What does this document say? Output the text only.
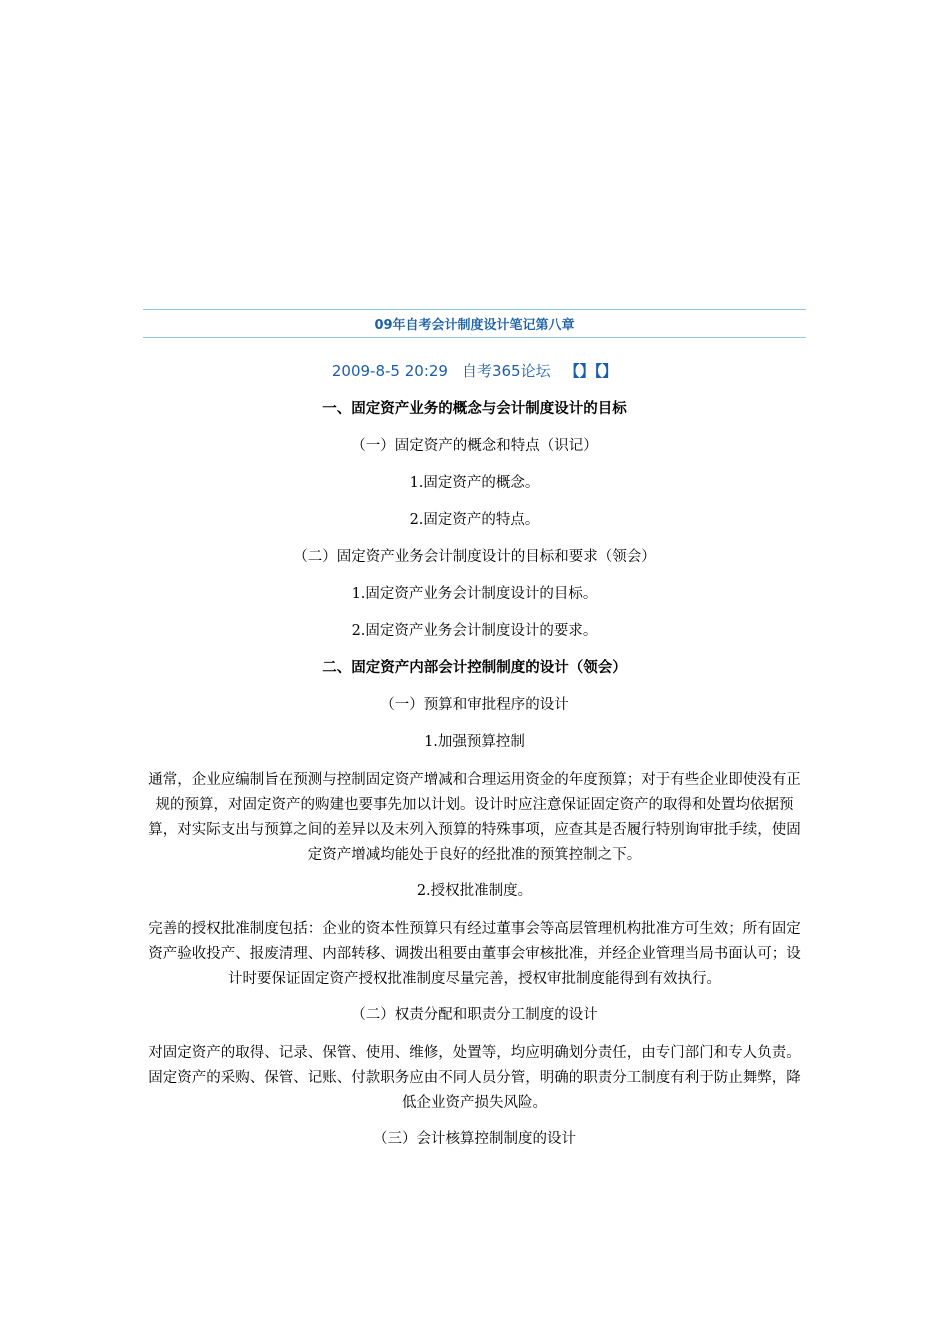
09年自考会计制度设计笔记第八章
2009-8-5 20:29 自考365论坛 【】【】
一、固定资产业务的概念与会计制度设计的目标
（一）固定资产的概念和特点（识记）
1.固定资产的概念。
2.固定资产的特点。
（二）固定资产业务会计制度设计的目标和要求（领会）
1.固定资产业务会计制度设计的目标。
2.固定资产业务会计制度设计的要求。
二、固定资产内部会计控制制度的设计（领会）
（一）预算和审批程序的设计
1.加强预算控制
通常，企业应编制旨在预测与控制固定资产增减和合理运用资金的年度预算；对于有些企业即使没有正规的预算，对固定资产的购建也要事先加以计划。设计时应注意保证固定资产的取得和处置均依据预算，对实际支出与预算之间的差异以及末列入预算的特殊事项，应查其是否履行特别询审批手续，使固定资产增减均能处于良好的经批准的预箕控制之下。
2.授权批准制度。
完善的授权批准制度包括：企业的资本性预算只有经过董事会等高层管理机构批准方可生效；所有固定资产验收投产、报废清理、内部转移、调拨出租要由董事会审核批准，并经企业管理当局书面认可；设计时要保证固定资产授权批准制度尽量完善，授权审批制度能得到有效执行。
（二）权责分配和职责分工制度的设计
对固定资产的取得、记录、保管、使用、维修，处置等，均应明确划分责任，由专门部门和专人负责。固定资产的采购、保管、记账、付款职务应由不同人员分管，明确的职责分工制度有利于防止舞弊，降低企业资产损失风险。
（三）会计核算控制制度的设计
